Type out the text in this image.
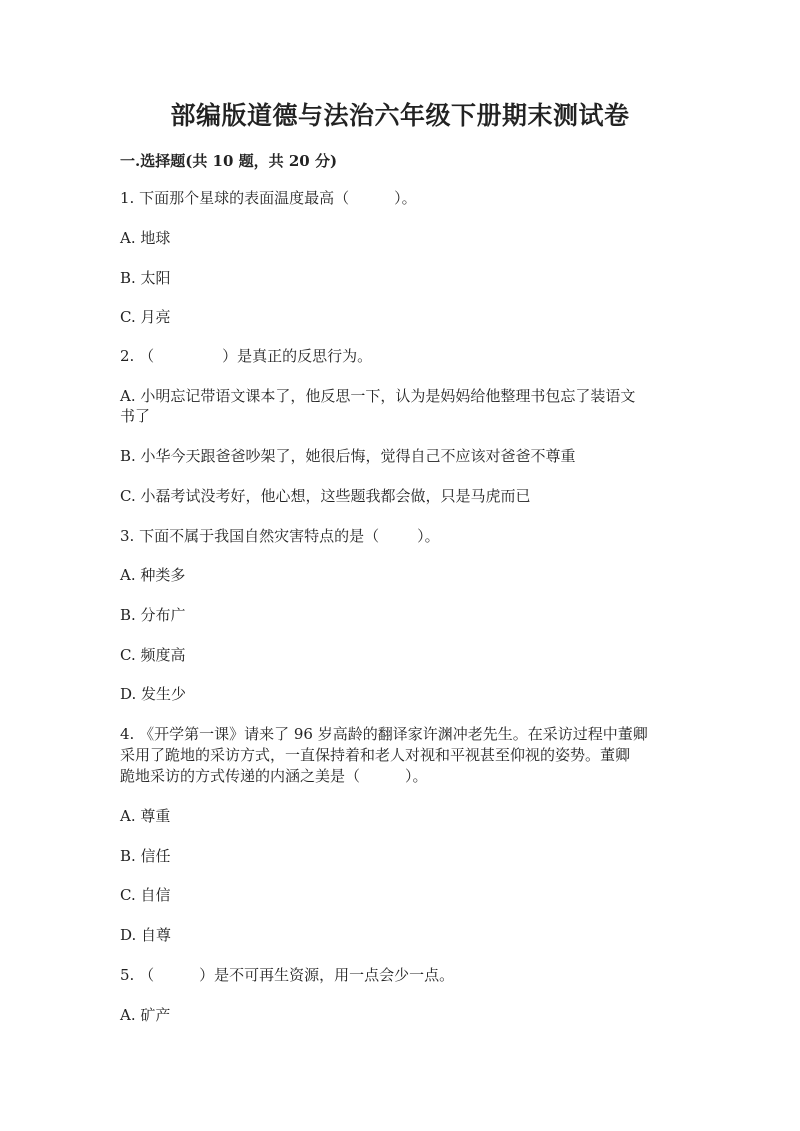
部编版道德与法治六年级下册期末测试卷
一.选择题(共 10 题，共 20 分)
1. 下面那个星球的表面温度最高（	）。
A. 地球
B. 太阳
C. 月亮
2. （	）是真正的反思行为。
A. 小明忘记带语文课本了，他反思一下，认为是妈妈给他整理书包忘了装语文
书了
B. 小华今天跟爸爸吵架了，她很后悔，觉得自己不应该对爸爸不尊重
C. 小磊考试没考好，他心想，这些题我都会做，只是马虎而已
3. 下面不属于我国自然灾害特点的是（	）。
A. 种类多
B. 分布广
C. 频度高
D. 发生少
4. 《开学第一课》请来了 96 岁高龄的翻译家许渊冲老先生。在采访过程中董卿
采用了跪地的采访方式，一直保持着和老人对视和平视甚至仰视的姿势。董卿
跪地采访的方式传递的内涵之美是（	）。
A. 尊重
B. 信任
C. 自信
D. 自尊
5. （	）是不可再生资源，用一点会少一点。
A. 矿产
